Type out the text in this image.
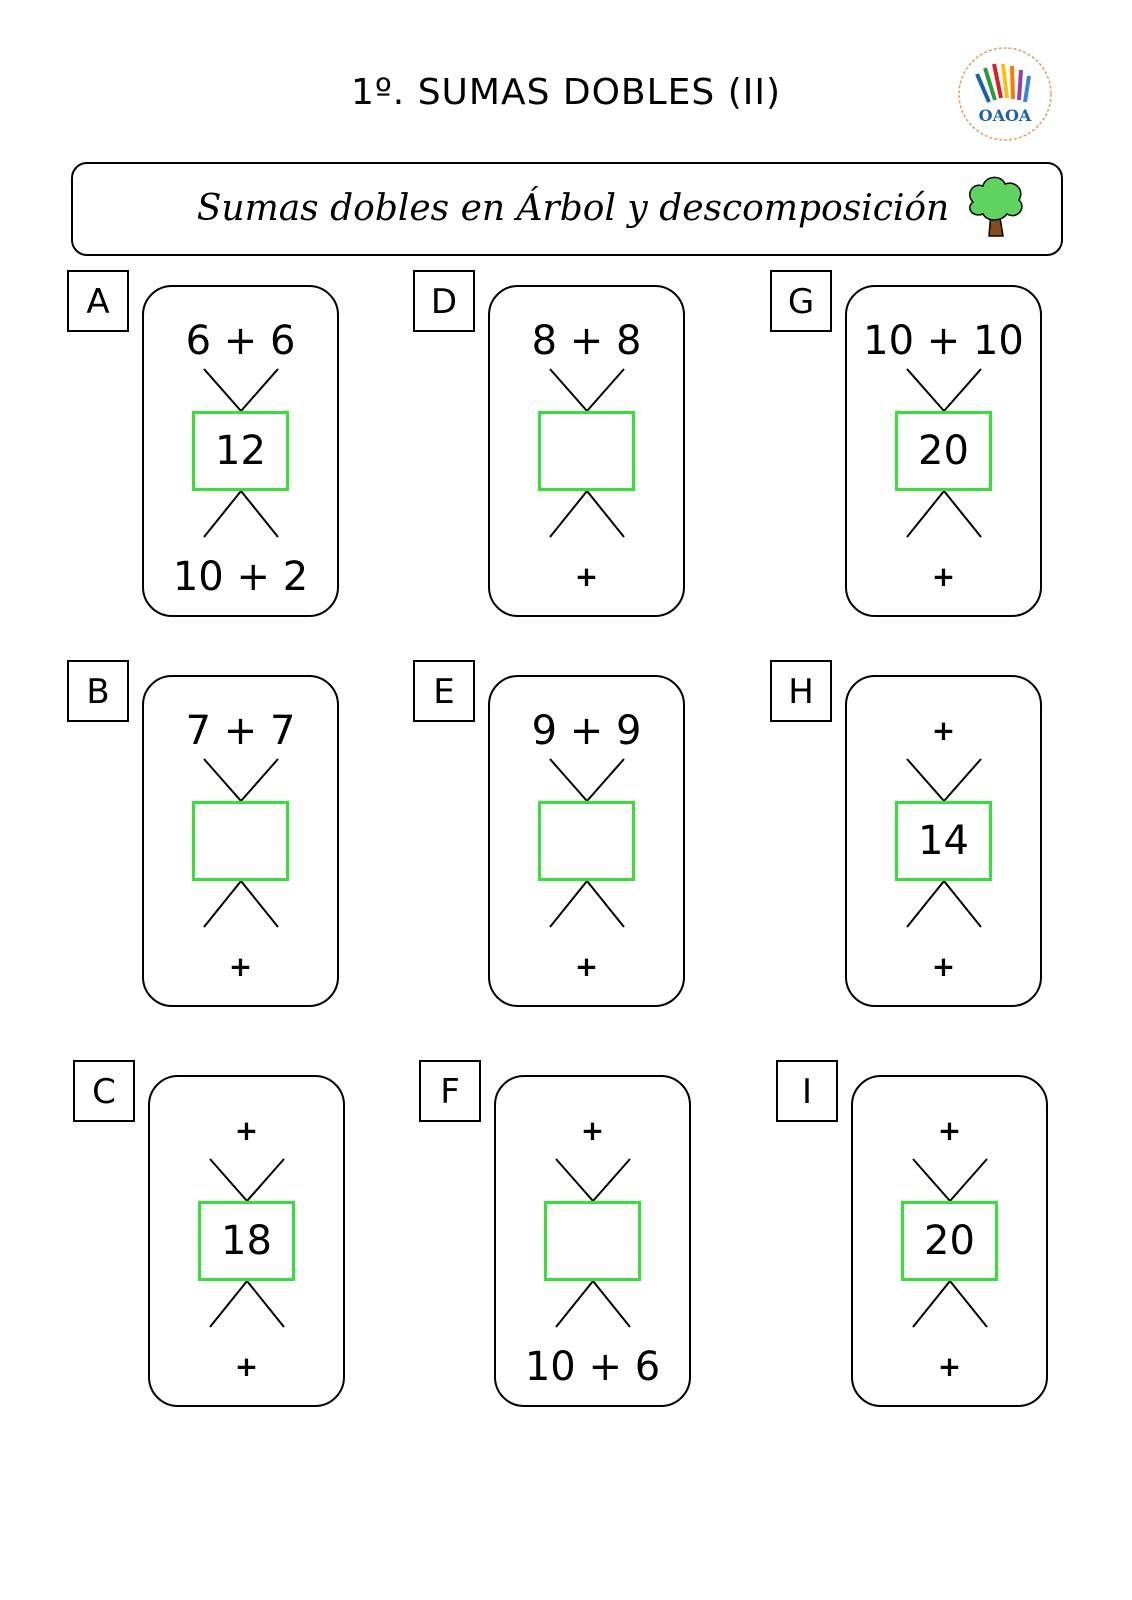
1º. SUMAS DOBLES (II)
OAOA
Sumas dobles en Árbol y descomposición
A
6 + 6
12
10 + 2
B
7 + 7
+
C
+
18
+
D
8 + 8
+
E
9 + 9
+
F
+
10 + 6
G
10 + 10
20
+
H
+
14
+
I
+
20
+
